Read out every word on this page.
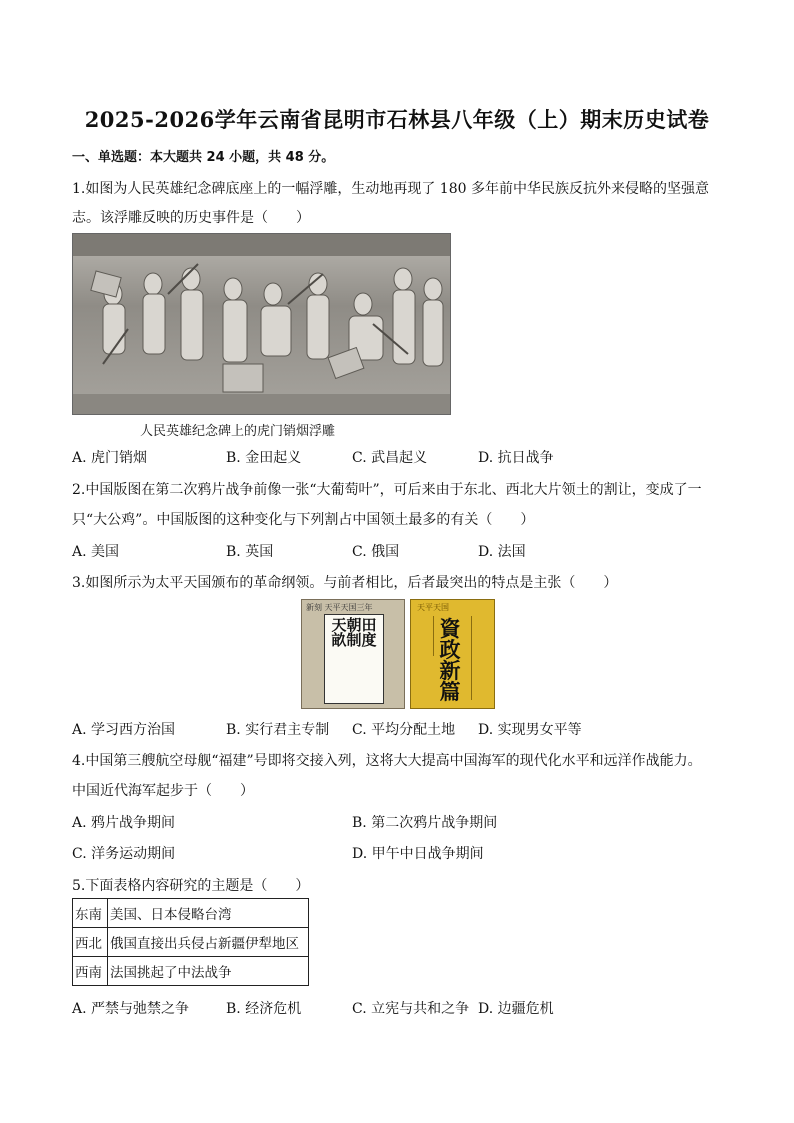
2025-2026学年云南省昆明市石林县八年级（上）期末历史试卷
一、单选题：本大题共 24 小题，共 48 分。
1.如图为人民英雄纪念碑底座上的一幅浮雕，生动地再现了 180 多年前中华民族反抗外来侵略的坚强意
志。该浮雕反映的历史事件是（　　）
人民英雄纪念碑上的虎门销烟浮雕
A. 虎门销烟	B. 金田起义	C. 武昌起义	D. 抗日战争
2.中国版图在第二次鸦片战争前像一张“大葡萄叶”，可后来由于东北、西北大片领土的割让，变成了一
只“大公鸡”。中国版图的这种变化与下列割占中国领土最多的有关（　　）
A. 美国	B. 英国	C. 俄国	D. 法国
3.如图所示为太平天国颁布的革命纲领。与前者相比，后者最突出的特点是主张（　　）
新刻 天平天国三年
天朝田畝制度
天平天国
資政新篇
A. 学习西方治国	B. 实行君主专制 C. 平均分配土地 D. 实现男女平等
4.中国第三艘航空母舰“福建”号即将交接入列，这将大大提高中国海军的现代化水平和远洋作战能力。
中国近代海军起步于（　　）
A. 鸦片战争期间	B. 第二次鸦片战争期间
C. 洋务运动期间	D. 甲午中日战争期间
5.下面表格内容研究的主题是（　　）
东南	美国、日本侵略台湾
西北	俄国直接出兵侵占新疆伊犁地区
西南	法国挑起了中法战争
A. 严禁与弛禁之争	B. 经济危机	C. 立宪与共和之争 D. 边疆危机
